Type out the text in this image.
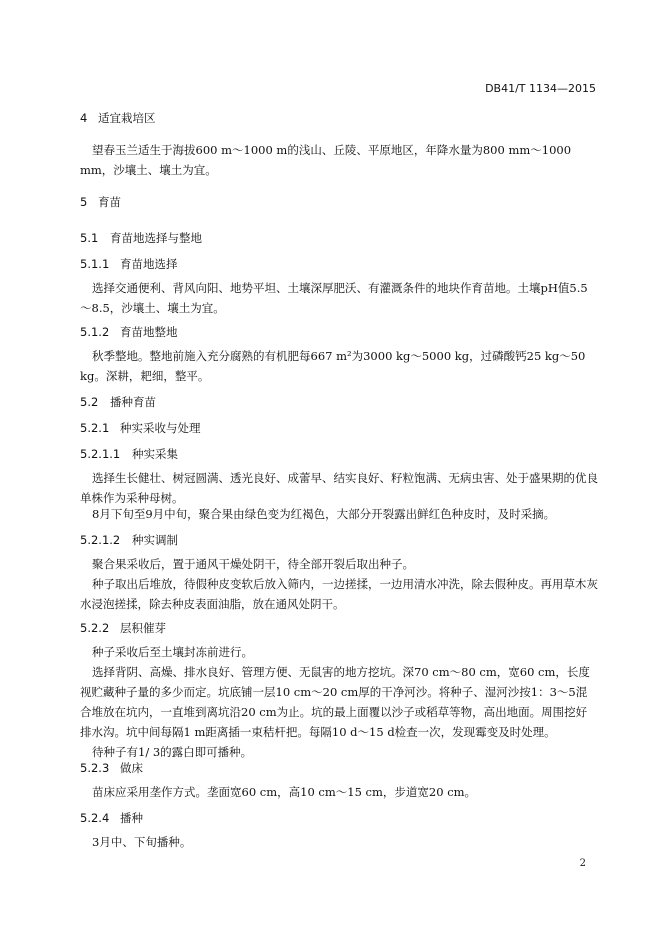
DB41/T 1134—2015
4 适宜栽培区
望春玉兰适生于海拔600 m～1000 m的浅山、丘陵、平原地区，年降水量为800 mm～1000 mm，沙壤土、壤土为宜。
5 育苗
5.1 育苗地选择与整地
5.1.1 育苗地选择
选择交通便利、背风向阳、地势平坦、土壤深厚肥沃、有灌溉条件的地块作育苗地。土壤pH值5.5～8.5，沙壤土、壤土为宜。
5.1.2 育苗地整地
秋季整地。整地前施入充分腐熟的有机肥每667 m²为3000 kg～5000 kg，过磷酸钙25 kg～50 kg。深耕，耙细，整平。
5.2 播种育苗
5.2.1 种实采收与处理
5.2.1.1 种实采集
选择生长健壮、树冠圆满、透光良好、成蕾早、结实良好、籽粒饱满、无病虫害、处于盛果期的优良单株作为采种母树。
8月下旬至9月中旬，聚合果由绿色变为红褐色，大部分开裂露出鲜红色种皮时，及时采摘。
5.2.1.2 种实调制
聚合果采收后，置于通风干燥处阴干，待全部开裂后取出种子。
种子取出后堆放，待假种皮变软后放入筛内，一边搓揉，一边用清水冲洗，除去假种皮。再用草木灰水浸泡搓揉，除去种皮表面油脂，放在通风处阴干。
5.2.2 层积催芽
种子采收后至土壤封冻前进行。
选择背阴、高燥、排水良好、管理方便、无鼠害的地方挖坑。深70 cm～80 cm，宽60 cm，长度视贮藏种子量的多少而定。坑底铺一层10 cm～20 cm厚的干净河沙。将种子、湿河沙按1：3～5混合堆放在坑内，一直堆到离坑沿20 cm为止。坑的最上面覆以沙子或稻草等物，高出地面。周围挖好排水沟。坑中间每隔1 m距离插一束秸杆把。每隔10 d～15 d检查一次，发现霉变及时处理。
待种子有1/ 3的露白即可播种。
5.2.3 做床
苗床应采用垄作方式。垄面宽60 cm，高10 cm～15 cm，步道宽20 cm。
5.2.4 播种
3月中、下旬播种。
2
